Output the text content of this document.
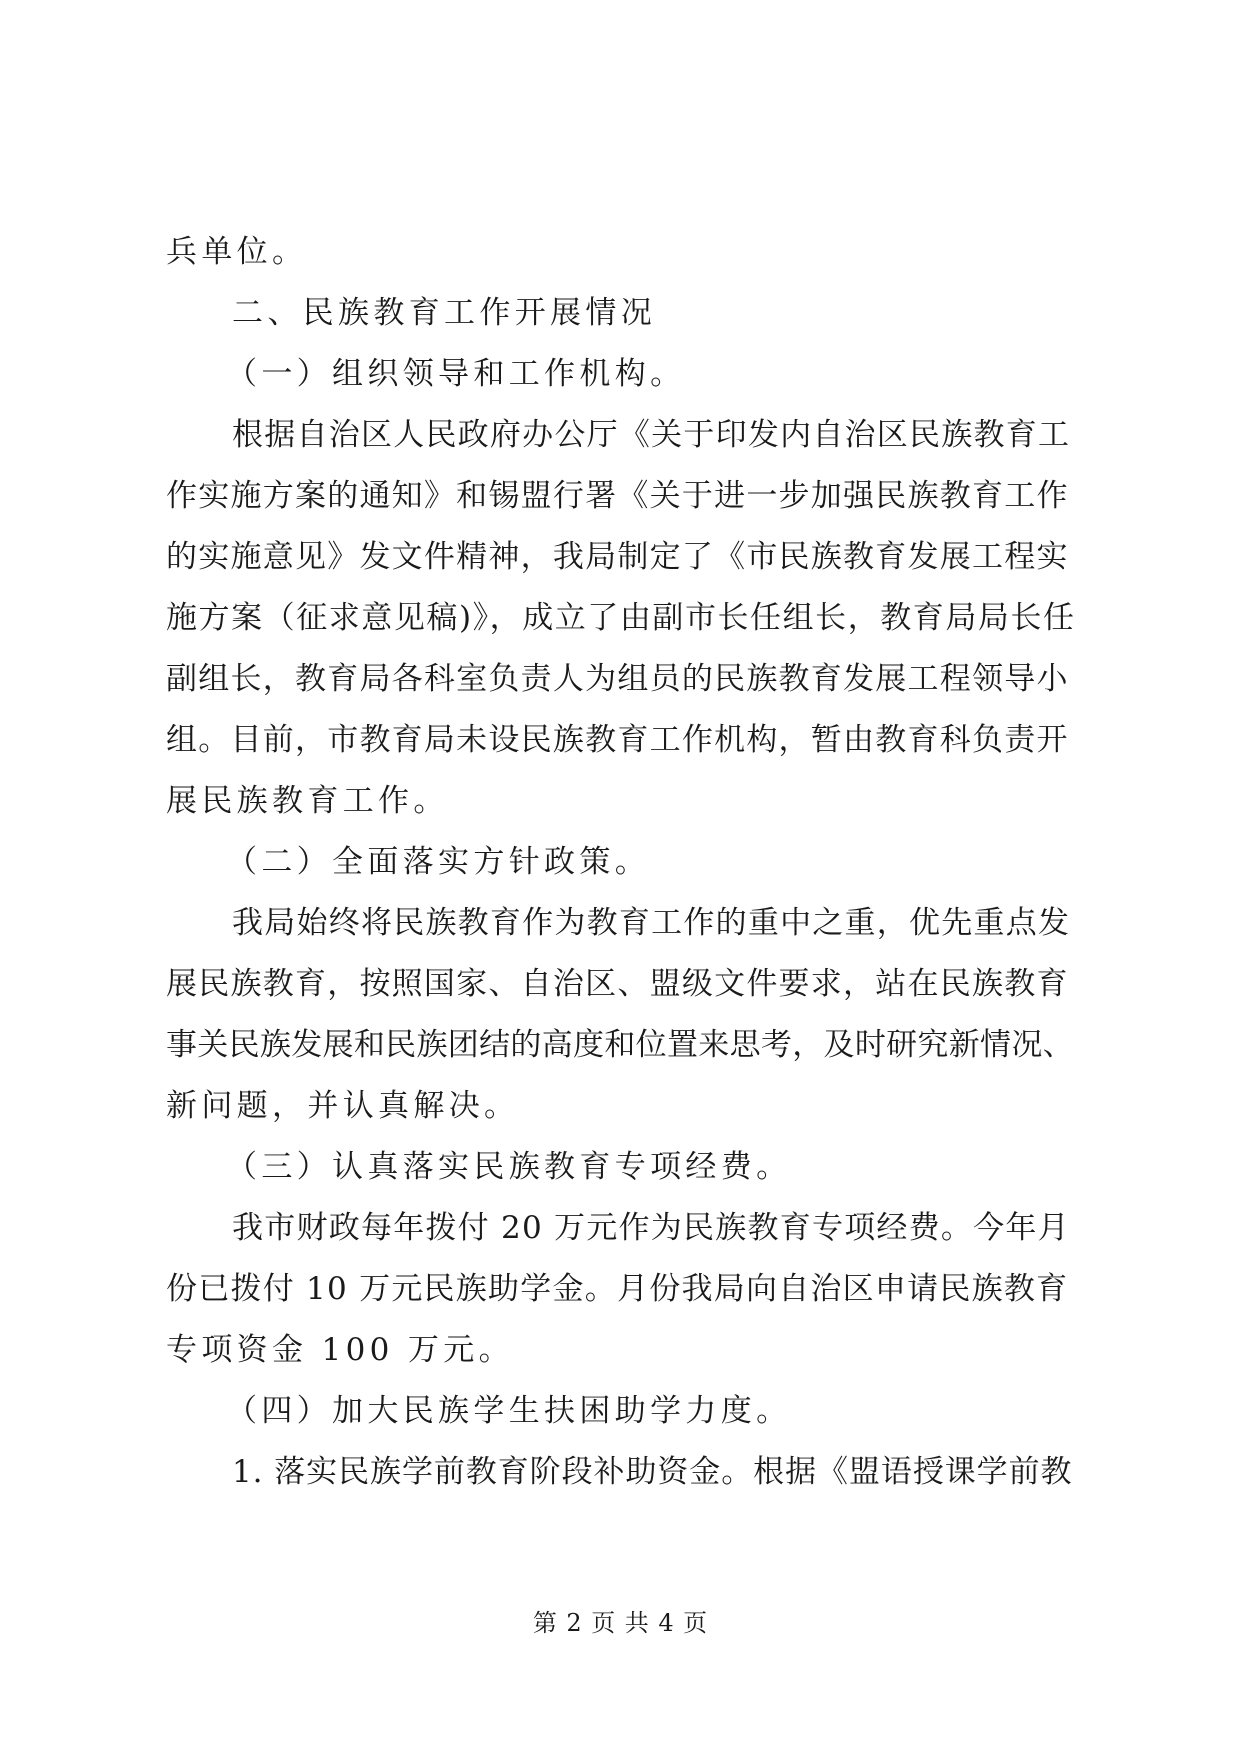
兵单位。
二、民族教育工作开展情况
（一）组织领导和工作机构。
根据自治区人民政府办公厅《关于印发内自治区民族教育工
作实施方案的通知》和锡盟行署《关于进一步加强民族教育工作
的实施意见》发文件精神，我局制定了《市民族教育发展工程实
施方案（征求意见稿)》，成立了由副市长任组长，教育局局长任
副组长，教育局各科室负责人为组员的民族教育发展工程领导小
组。目前，市教育局未设民族教育工作机构，暂由教育科负责开
展民族教育工作。
（二）全面落实方针政策。
我局始终将民族教育作为教育工作的重中之重，优先重点发
展民族教育，按照国家、自治区、盟级文件要求，站在民族教育
事关民族发展和民族团结的高度和位置来思考，及时研究新情况、
新问题，并认真解决。
（三）认真落实民族教育专项经费。
我市财政每年拨付 20 万元作为民族教育专项经费。今年月
份已拨付 10 万元民族助学金。月份我局向自治区申请民族教育
专项资金 100 万元。
（四）加大民族学生扶困助学力度。
1. 落实民族学前教育阶段补助资金。根据《盟语授课学前教
第 2 页 共 4 页
